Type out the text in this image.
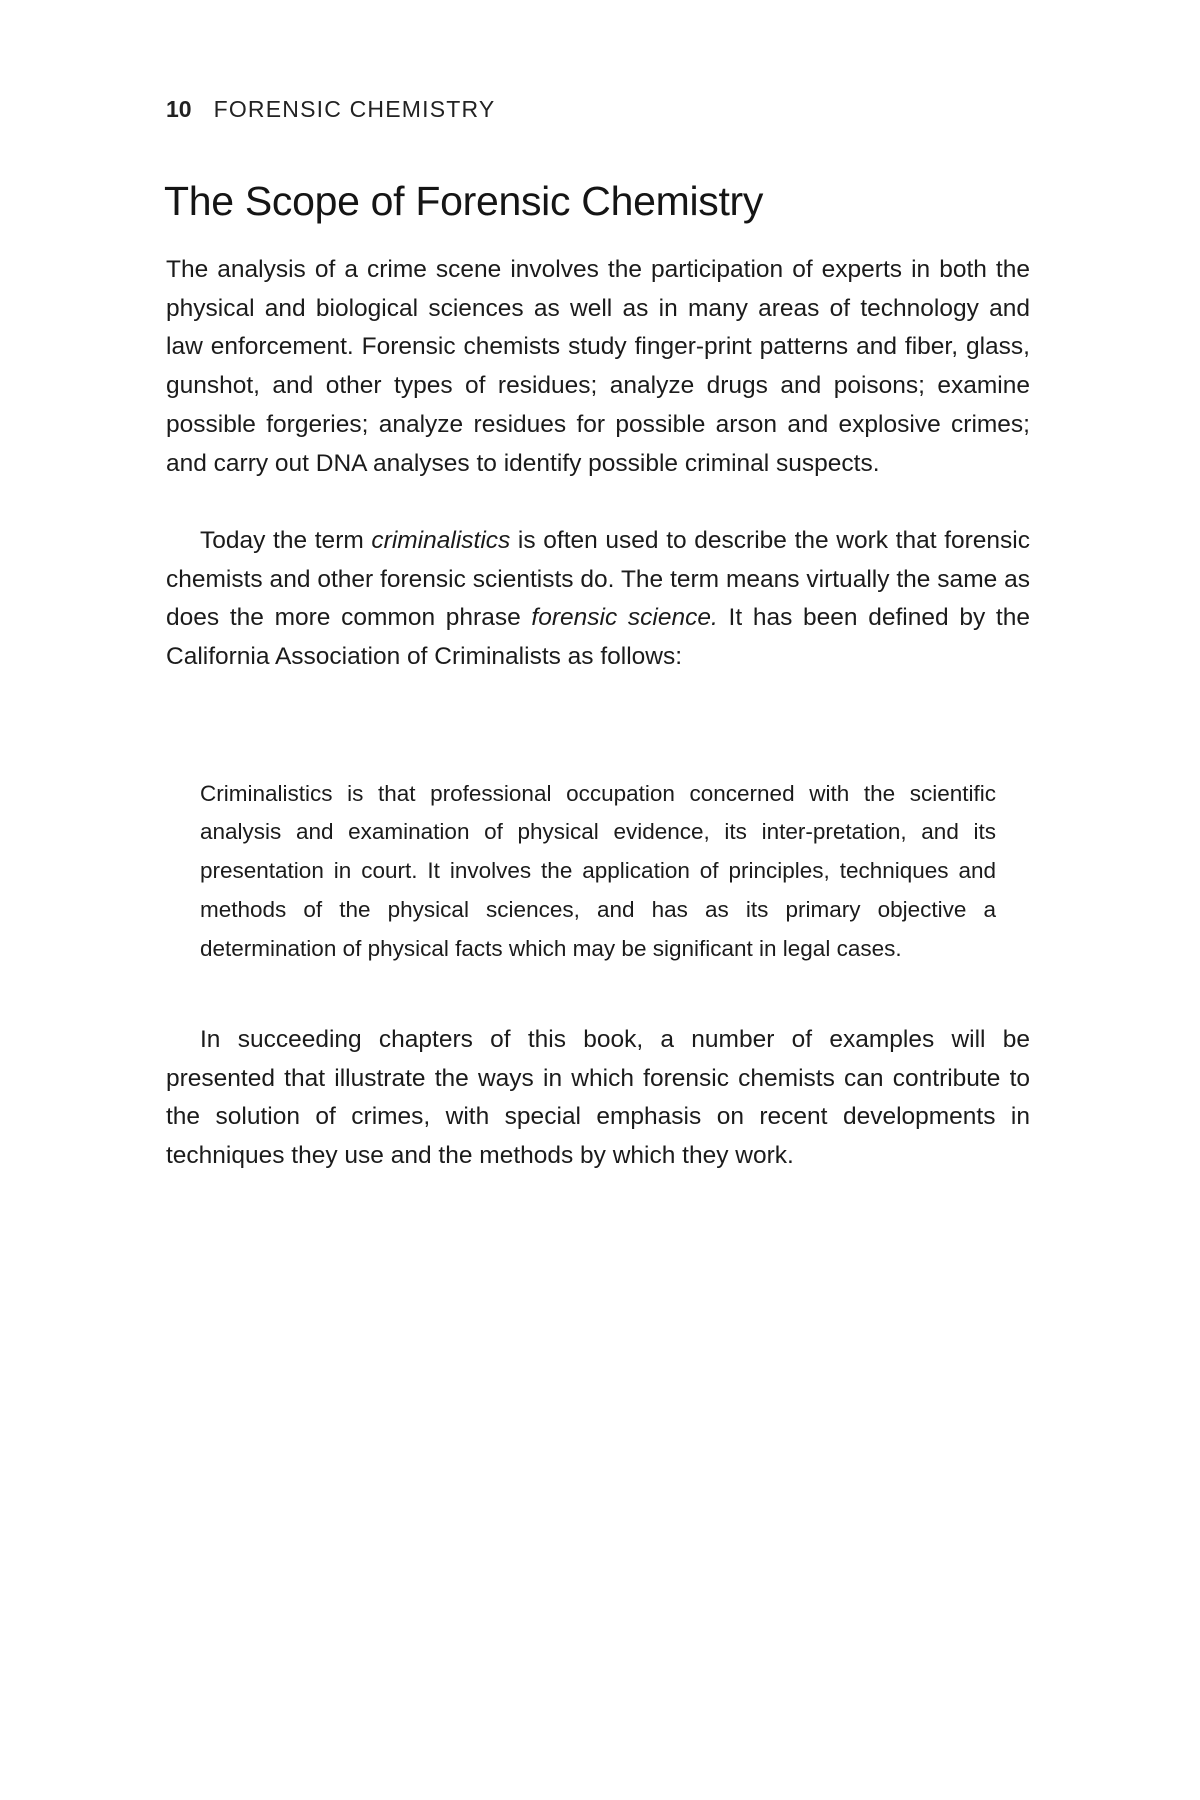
10 FORENSIC CHEMISTRY
The Scope of Forensic Chemistry

The analysis of a crime scene involves the participation of experts in both the physical and biological sciences as well as in many areas of technology and law enforcement. Forensic chemists study finger-print patterns and fiber, glass, gunshot, and other types of residues; analyze drugs and poisons; examine possible forgeries; analyze residues for possible arson and explosive crimes; and carry out DNA analyses to identify possible criminal suspects.

Today the term criminalistics is often used to describe the work that forensic chemists and other forensic scientists do. The term means virtually the same as does the more common phrase forensic science. It has been defined by the California Association of Criminalists as follows:

Criminalistics is that professional occupation concerned with the scientific analysis and examination of physical evidence, its inter-pretation, and its presentation in court. It involves the application of principles, techniques and methods of the physical sciences, and has as its primary objective a determination of physical facts which may be significant in legal cases.

In succeeding chapters of this book, a number of examples will be presented that illustrate the ways in which forensic chemists can contribute to the solution of crimes, with special emphasis on recent developments in techniques they use and the methods by which they work.
